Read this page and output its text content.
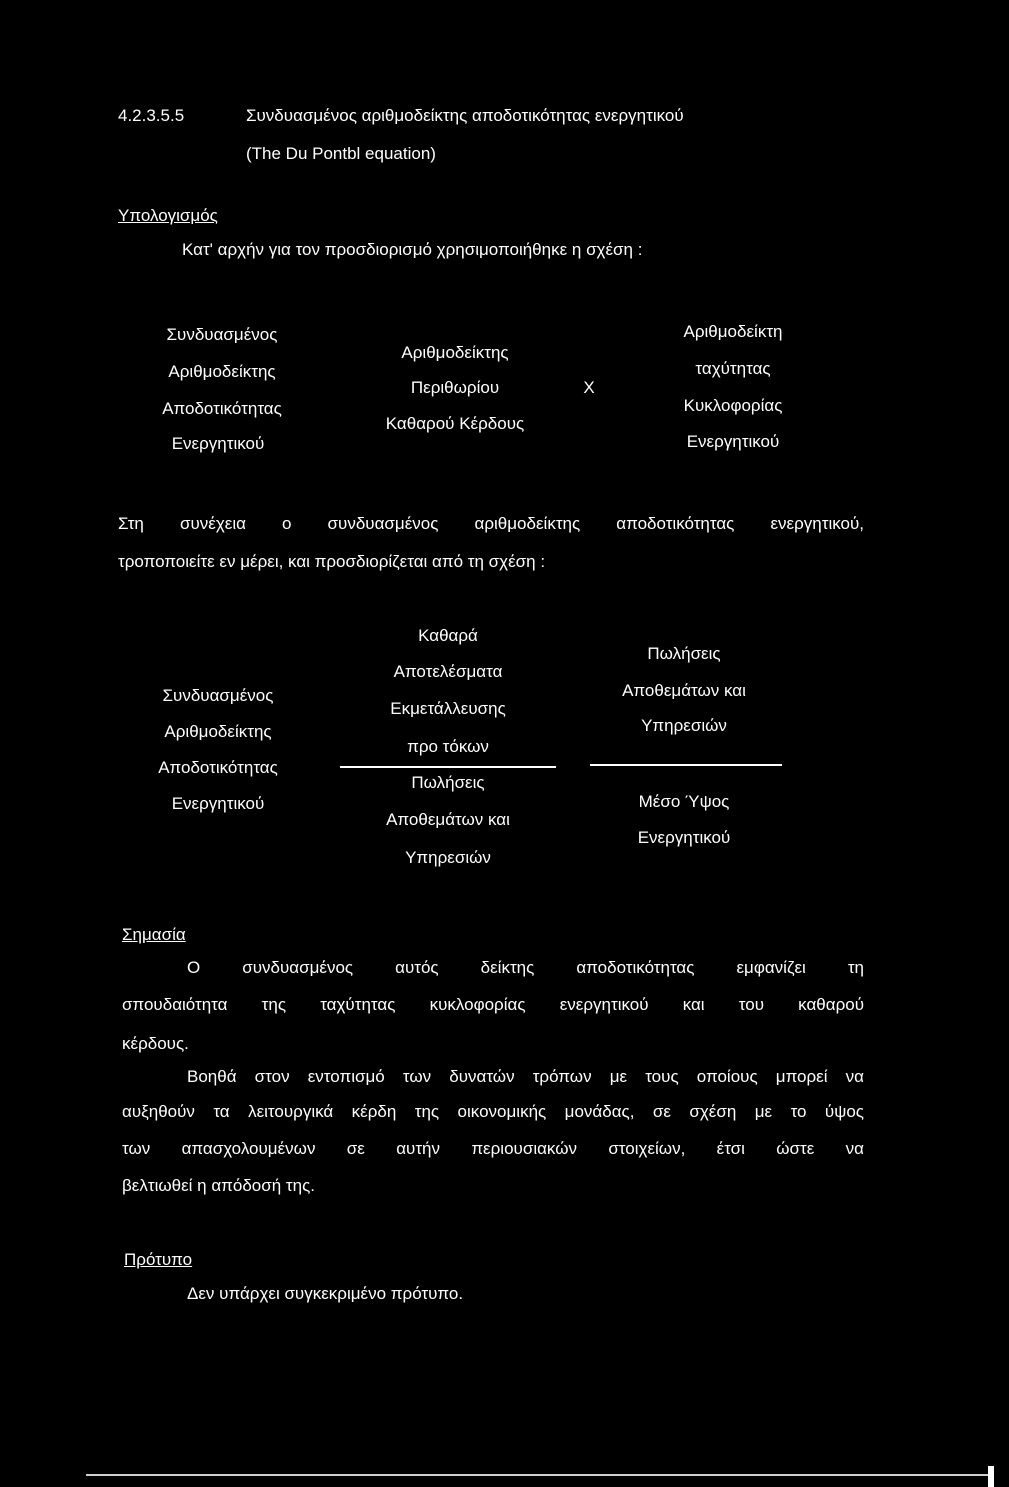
4.2.3.5.5	Συνδυασμένος αριθμοδείκτης αποδοτικότητας ενεργητικού
(The Du Pontbl equation)
Υπολογισμός
Κατ' αρχήν για τον προσδιορισμό χρησιμοποιήθηκε η σχέση :
Συνδυασμένος
Αριθμοδείκτης
Αποδοτικότητας
Ενεργητικού
Αριθμοδείκτης
Περιθωρίου
Καθαρού Κέρδους
X
Αριθμοδείκτη
ταχύτητας
Κυκλοφορίας
Ενεργητικού
Στη συνέχεια ο συνδυασμένος αριθμοδείκτης αποδοτικότητας ενεργητικού,
τροποποιείτε εν μέρει, και προσδιορίζεται από τη σχέση :
Συνδυασμένος
Αριθμοδείκτης
Αποδοτικότητας
Ενεργητικού
Καθαρά
Αποτελέσματα
Εκμετάλλευσης
προ τόκων
Πωλήσεις
Αποθεμάτων και
Υπηρεσιών
Πωλήσεις
Αποθεμάτων και
Υπηρεσιών
Μέσο Ύψος
Ενεργητικού
Σημασία
Ο συνδυασμένος αυτός δείκτης αποδοτικότητας εμφανίζει τη
σπουδαιότητα της ταχύτητας κυκλοφορίας ενεργητικού και του καθαρού
κέρδους.
Βοηθά στον εντοπισμό των δυνατών τρόπων με τους οποίους μπορεί να
αυξηθούν τα λειτουργικά κέρδη της οικονομικής μονάδας, σε σχέση με το ύψος
των απασχολουμένων σε αυτήν περιουσιακών στοιχείων, έτσι ώστε να
βελτιωθεί η απόδοσή της.
Πρότυπο
Δεν υπάρχει συγκεκριμένο πρότυπο.
